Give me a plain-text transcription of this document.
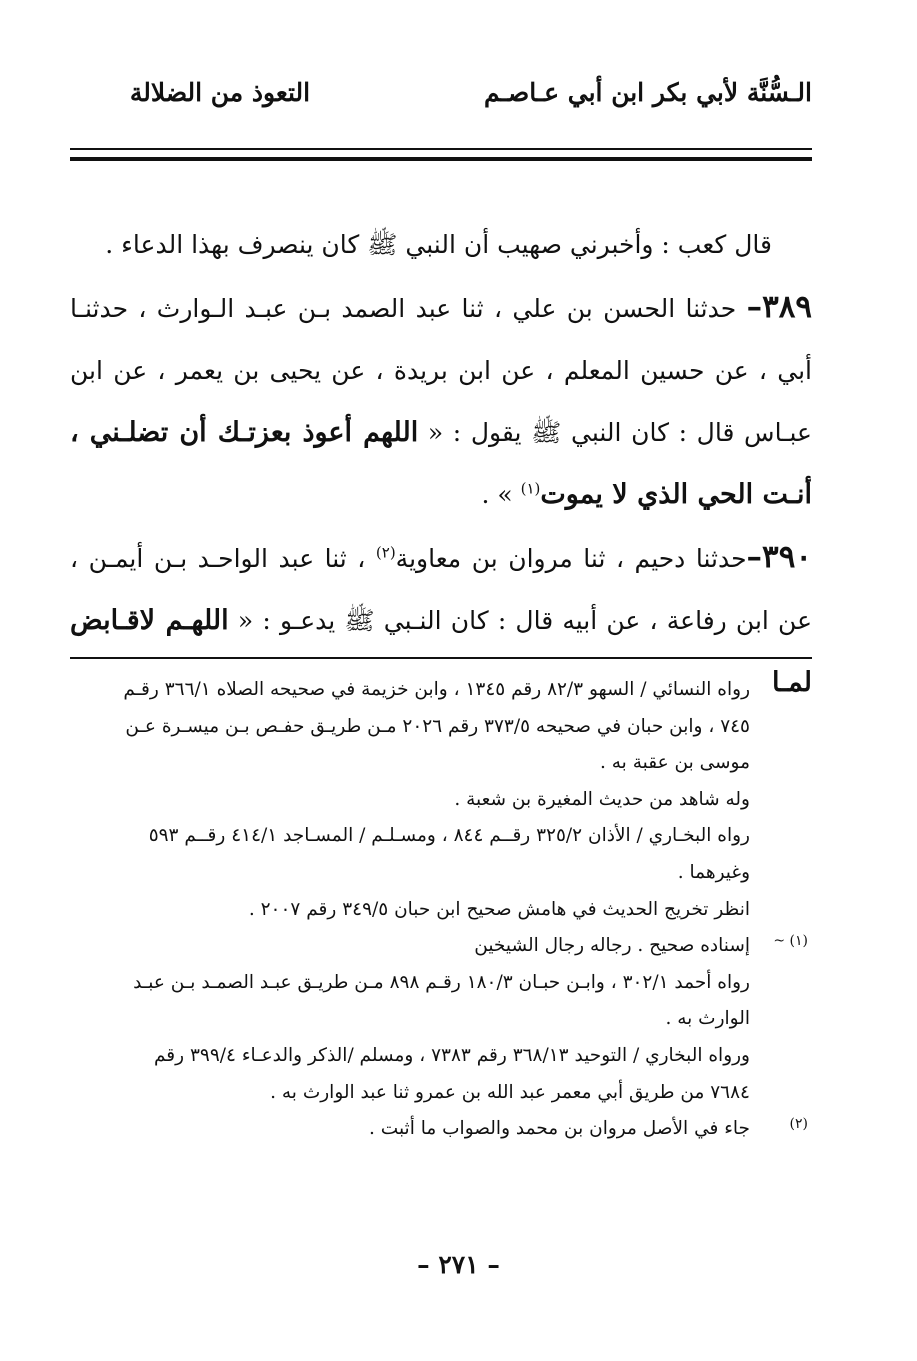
الـسُّنَّة لأبي بكر ابن أبي عـاصـم
التعوذ من الضلالة

قال كعب : وأخبرني صهيب أن النبي ﷺ كان ينصرف بهذا الدعاء .

٣٨٩– حدثنا الحسن بن علي ، ثنا عبد الصمد بـن عبـد الـوارث ، حدثنـا أبي ، عن حسين المعلم ، عن ابن بريدة ، عن يحيى بن يعمر ، عن ابن عبـاس قال : كان النبي ﷺ يقول : « اللهم أعوذ بعزتـك أن تضلـني ، أنـت الحي الذي لا يموت$^{(١)}$ » .

٣٩٠–حدثنا دحيم ، ثنا مروان بن معاوية$^{(٢)}$ ، ثنا عبد الواحـد بـن أيمـن ، عن ابن رفاعة ، عن أبيه قال : كان النـبي ﷺ يدعـو : « اللهـم لاقـابض لمـا

رواه النسائي / السهو ٨٢/٣ رقم ١٣٤٥ ، وابن خزيمة في صحيحه الصلاه ٣٦٦/١ رقـم

٧٤٥ ، وابن حبان في صحيحه ٣٧٣/٥ رقم ٢٠٢٦ مـن طريـق حفـص بـن ميسـرة عـن

موسى بن عقبة به .

وله شاهد من حديث المغيرة بن شعبة .

رواه البخـاري / الأذان ٣٢٥/٢ رقــم ٨٤٤ ، ومسـلـم / المسـاجد ٤١٤/١ رقــم ٥٩٣

وغيرهما .

انظر تخريج الحديث في هامش صحيح ابن حبان ٣٤٩/٥ رقم ٢٠٠٧ .

(١) ~

إسناده صحيح . رجاله رجال الشيخين

رواه أحمد ٣٠٢/١ ، وابـن حبـان ١٨٠/٣ رقـم ٨٩٨ مـن طريـق عبـد الصمـد بـن عبـد

الوارث به .

ورواه البخاري / التوحيد ٣٦٨/١٣ رقم ٧٣٨٣ ، ومسلم /الذكر والدعـاء ٣٩٩/٤ رقم

٧٦٨٤ من طريق أبي معمر عبد الله بن عمرو ثنا عبد الوارث به .

(٢)

جاء في الأصل مروان بن محمد والصواب ما أثبت .

– ٢٧١ –
